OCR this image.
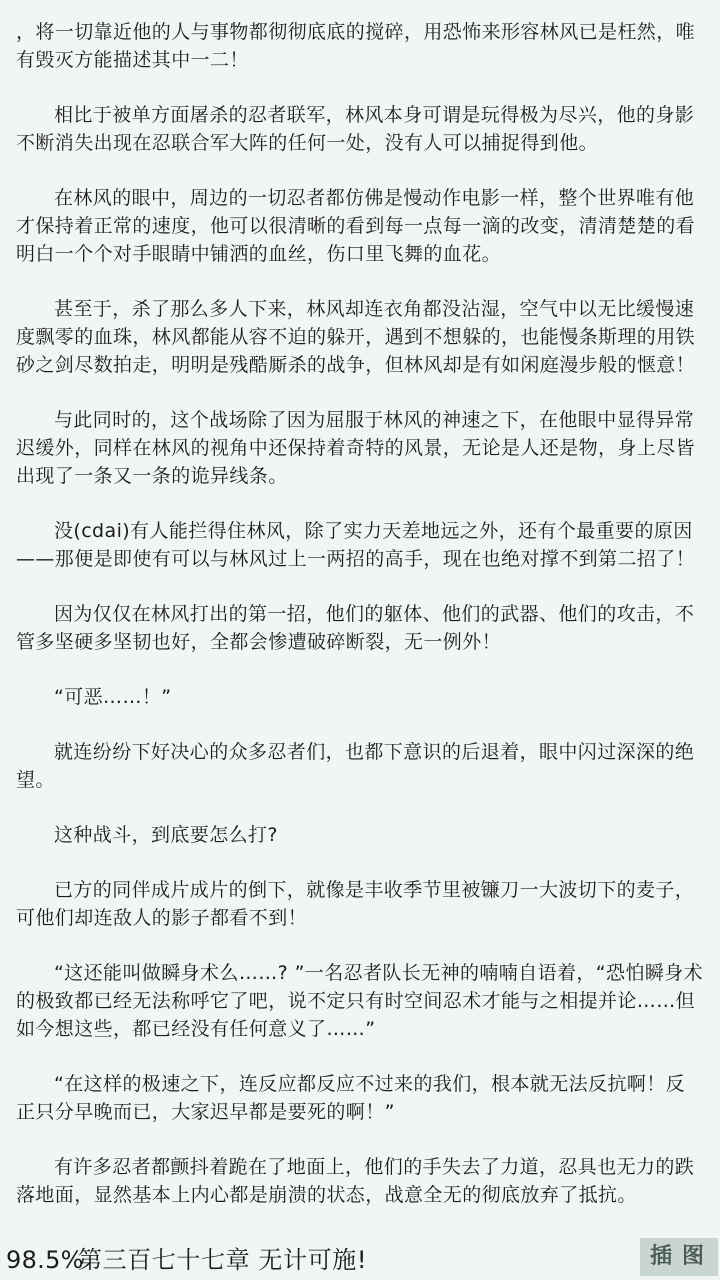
，将一切靠近他的人与事物都彻彻底底的搅碎，用恐怖来形容林风已是枉然，唯有毁灭方能描述其中一二！

相比于被单方面屠杀的忍者联军，林风本身可谓是玩得极为尽兴，他的身影不断消失出现在忍联合军大阵的任何一处，没有人可以捕捉得到他。

在林风的眼中，周边的一切忍者都仿佛是慢动作电影一样，整个世界唯有他才保持着正常的速度，他可以很清晰的看到每一点每一滴的改变，清清楚楚的看明白一个个对手眼睛中铺洒的血丝，伤口里飞舞的血花。

甚至于，杀了那么多人下来，林风却连衣角都没沾湿，空气中以无比缓慢速度飘零的血珠，林风都能从容不迫的躲开，遇到不想躲的，也能慢条斯理的用铁砂之剑尽数拍走，明明是残酷厮杀的战争，但林风却是有如闲庭漫步般的惬意！

与此同时的，这个战场除了因为屈服于林风的神速之下，在他眼中显得异常迟缓外，同样在林风的视角中还保持着奇特的风景，无论是人还是物，身上尽皆出现了一条又一条的诡异线条。

没(cdai)有人能拦得住林风，除了实力天差地远之外，还有个最重要的原因——那便是即使有可以与林风过上一两招的高手，现在也绝对撑不到第二招了！

因为仅仅在林风打出的第一招，他们的躯体、他们的武器、他们的攻击，不管多坚硬多坚韧也好，全都会惨遭破碎断裂，无一例外！

“可恶……！”

就连纷纷下好决心的众多忍者们，也都下意识的后退着，眼中闪过深深的绝望。

这种战斗，到底要怎么打?

已方的同伴成片成片的倒下，就像是丰收季节里被镰刀一大波切下的麦子，可他们却连敌人的影子都看不到！

“这还能叫做瞬身术么……? ”一名忍者队长无神的喃喃自语着，“恐怕瞬身术的极致都已经无法称呼它了吧，说不定只有时空间忍术才能与之相提并论……但如今想这些，都已经没有任何意义了……”

“在这样的极速之下，连反应都反应不过来的我们，根本就无法反抗啊！反正只分早晚而已，大家迟早都是要死的啊！”

有许多忍者都颤抖着跪在了地面上，他们的手失去了力道，忍具也无力的跌落地面，显然基本上内心都是崩溃的状态，战意全无的彻底放弃了抵抗。

98.5%
第三百七十七章 无计可施!	插图
